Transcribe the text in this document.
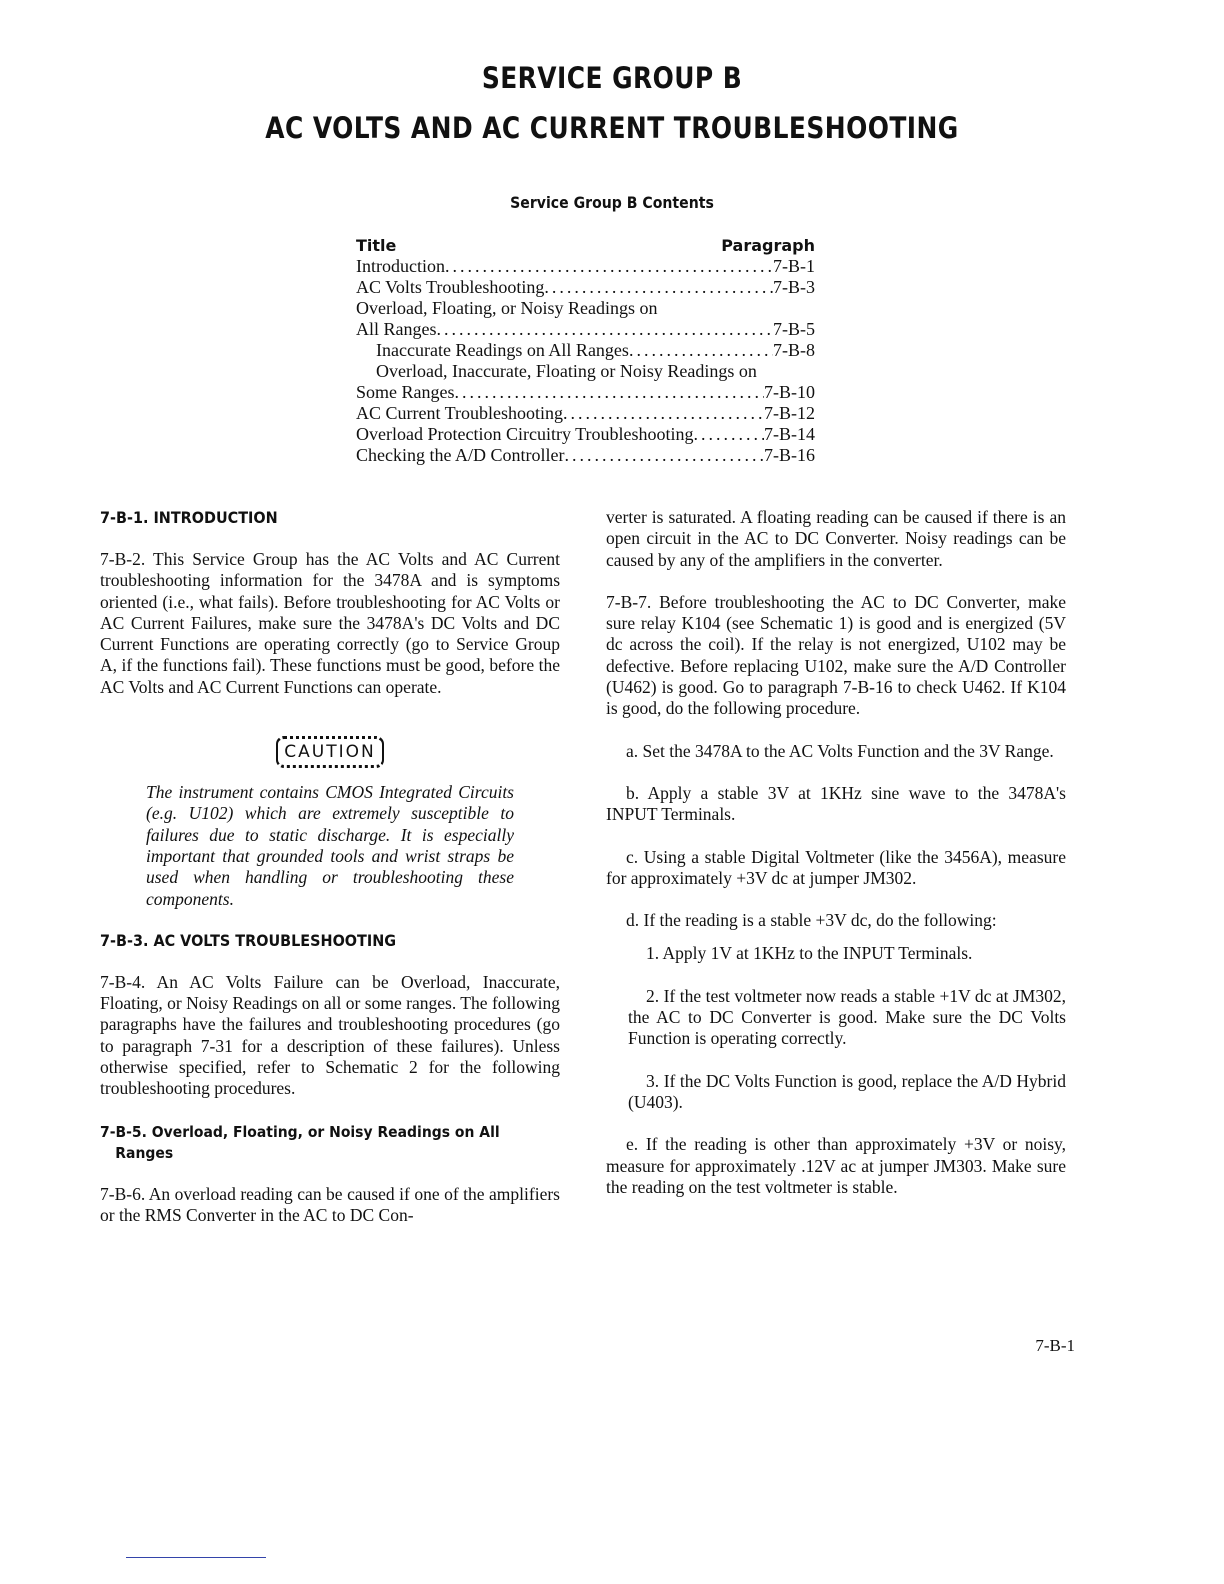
SERVICE GROUP B
AC VOLTS AND AC CURRENT TROUBLESHOOTING
Service Group B Contents
Title	Paragraph
Introduction .....	7-B-1
AC Volts Troubleshooting .....	7-B-3
Overload, Floating, or Noisy Readings on
All Ranges .....	7-B-5
Inaccurate Readings on All Ranges .....	7-B-8
Overload, Inaccurate, Floating or Noisy Readings on
Some Ranges .....	7-B-10
AC Current Troubleshooting .....	7-B-12
Overload Protection Circuitry Troubleshooting .....	7-B-14
Checking the A/D Controller .....	7-B-16
7-B-1. INTRODUCTION

7-B-2. This Service Group has the AC Volts and AC Current troubleshooting information for the 3478A and is symptoms oriented (i.e., what fails). Before troubleshooting for AC Volts or AC Current Failures, make sure the 3478A's DC Volts and DC Current Functions are operating correctly (go to Service Group A, if the functions fail). These functions must be good, before the AC Volts and AC Current Functions can operate.

CAUTION

The instrument contains CMOS Integrated Circuits (e.g. U102) which are extremely susceptible to failures due to static discharge. It is especially important that grounded tools and wrist straps be used when handling or troubleshooting these components.

7-B-3. AC VOLTS TROUBLESHOOTING

7-B-4. An AC Volts Failure can be Overload, Inaccurate, Floating, or Noisy Readings on all or some ranges. The following paragraphs have the failures and troubleshooting procedures (go to paragraph 7-31 for a description of these failures). Unless otherwise specified, refer to Schematic 2 for the following troubleshooting procedures.

7-B-5. Overload, Floating, or Noisy Readings on All
Ranges

7-B-6. An overload reading can be caused if one of the amplifiers or the RMS Converter in the AC to DC Con-

verter is saturated. A floating reading can be caused if there is an open circuit in the AC to DC Converter. Noisy readings can be caused by any of the amplifiers in the converter.

7-B-7. Before troubleshooting the AC to DC Converter, make sure relay K104 (see Schematic 1) is good and is energized (5V dc across the coil). If the relay is not energized, U102 may be defective. Before replacing U102, make sure the A/D Controller (U462) is good. Go to paragraph 7-B-16 to check U462. If K104 is good, do the following procedure.

a. Set the 3478A to the AC Volts Function and the 3V Range.

b. Apply a stable 3V at 1KHz sine wave to the 3478A's INPUT Terminals.

c. Using a stable Digital Voltmeter (like the 3456A), measure for approximately +3V dc at jumper JM302.

d. If the reading is a stable +3V dc, do the following:

1. Apply 1V at 1KHz to the INPUT Terminals.

2. If the test voltmeter now reads a stable +1V dc at JM302, the AC to DC Converter is good. Make sure the DC Volts Function is operating correctly.

3. If the DC Volts Function is good, replace the A/D Hybrid (U403).

e. If the reading is other than approximately +3V or noisy, measure for approximately .12V ac at jumper JM303. Make sure the reading on the test voltmeter is stable.

7-B-1
